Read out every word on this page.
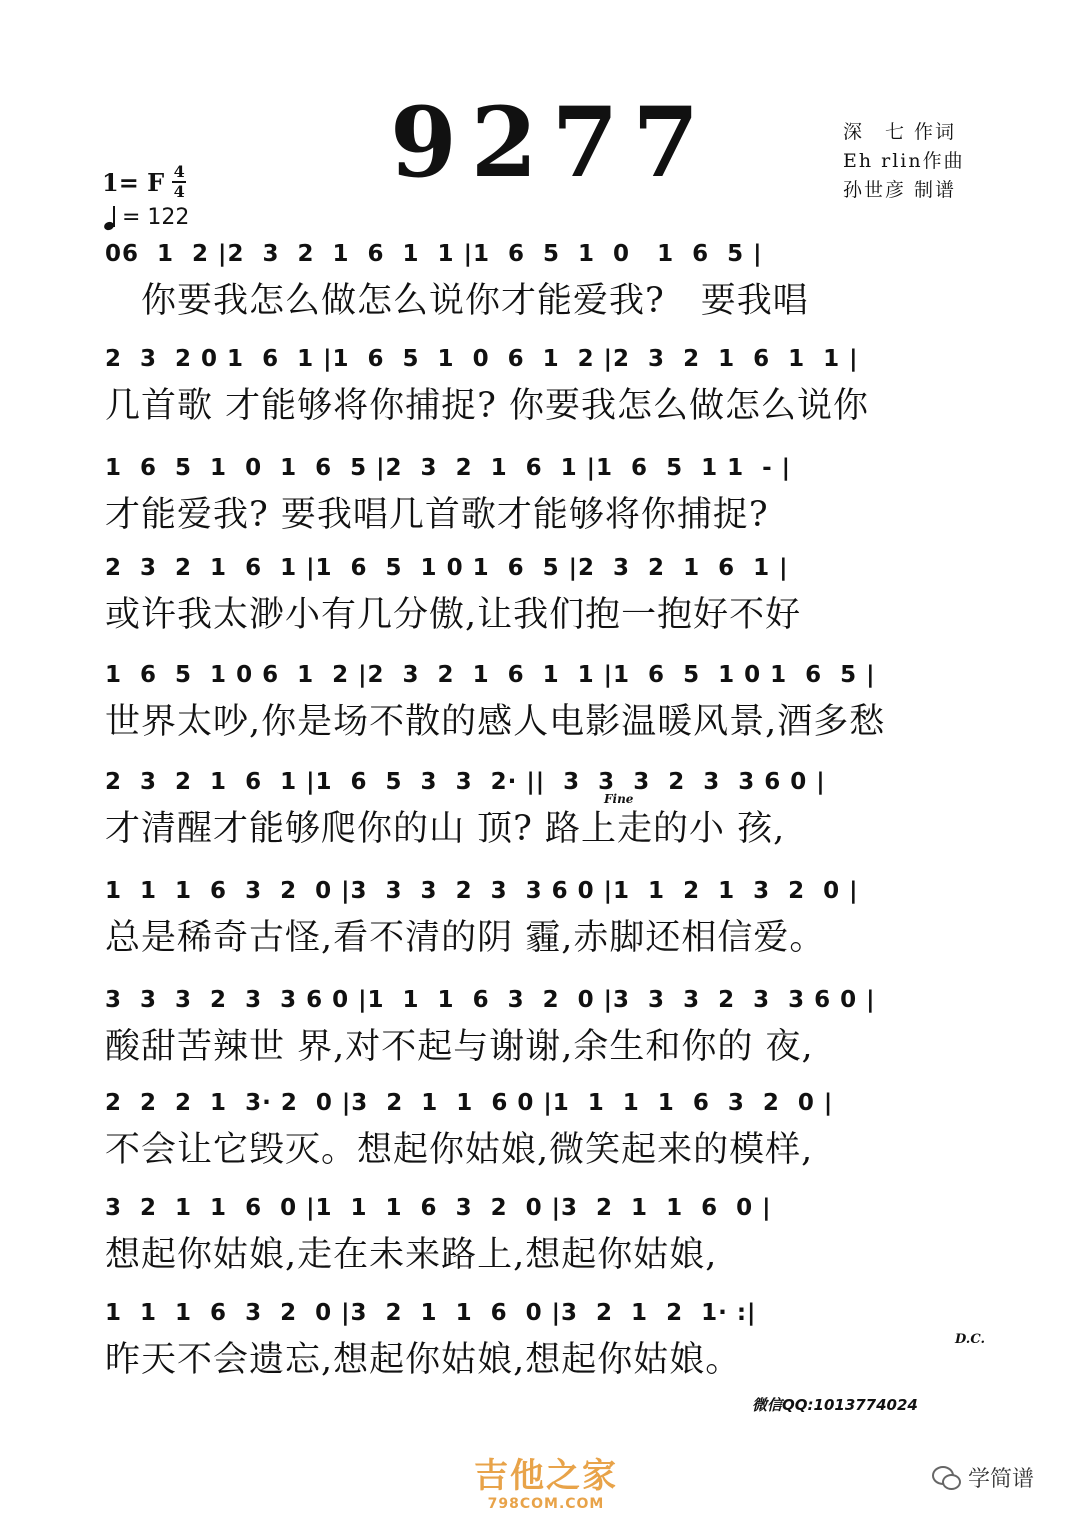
9277	深　七 作词
Eh rlin作曲
孙世彦 制谱
1= F 4
4
= 122
06  1  2 |2  3  2  1  6  1  1 |1  6  5  1  0   1  6  5 |
　你要我怎么做怎么说你才能爱我?　要我唱
2  3  2 0 1  6  1 |1  6  5  1  0  6  1  2 |2  3  2  1  6  1  1 |
几首歌 才能够将你捕捉? 你要我怎么做怎么说你
1  6  5  1  0  1  6  5 |2  3  2  1  6  1 |1  6  5  1 1  - |
才能爱我? 要我唱几首歌才能够将你捕捉?
2  3  2  1  6  1 |1  6  5  1 0 1  6  5 |2  3  2  1  6  1 |
或许我太渺小有几分傲,让我们抱一抱好不好
1  6  5  1 0 6  1  2 |2  3  2  1  6  1  1 |1  6  5  1 0 1  6  5 |
世界太吵,你是场不散的感人电影温暖风景,酒多愁
2  3  2  1  6  1 |1  6  5  3  3  2· ||  3  3  3  2  3  3 6 0 |
才清醒才能够爬你的山 顶? 路上走的小 孩,
1  1  1  6  3  2  0 |3  3  3  2  3  3 6 0 |1  1  2  1  3  2  0 |
总是稀奇古怪,看不清的阴 霾,赤脚还相信爱。
3  3  3  2  3  3 6 0 |1  1  1  6  3  2  0 |3  3  3  2  3  3 6 0 |
酸甜苦辣世 界,对不起与谢谢,余生和你的 夜,
2  2  2  1  3· 2  0 |3  2  1  1  6 0 |1  1  1  1  6  3  2  0 |
不会让它毁灭。想起你姑娘,微笑起来的模样,
3  2  1  1  6  0 |1  1  1  6  3  2  0 |3  2  1  1  6  0 |
想起你姑娘,走在未来路上,想起你姑娘,
1  1  1  6  3  2  0 |3  2  1  1  6  0 |3  2  1  2  1· :|
昨天不会遗忘,想起你姑娘,想起你姑娘。
Fine
D.C.
微信QQ:1013774024
吉他之家
798COM.COM
学简谱
